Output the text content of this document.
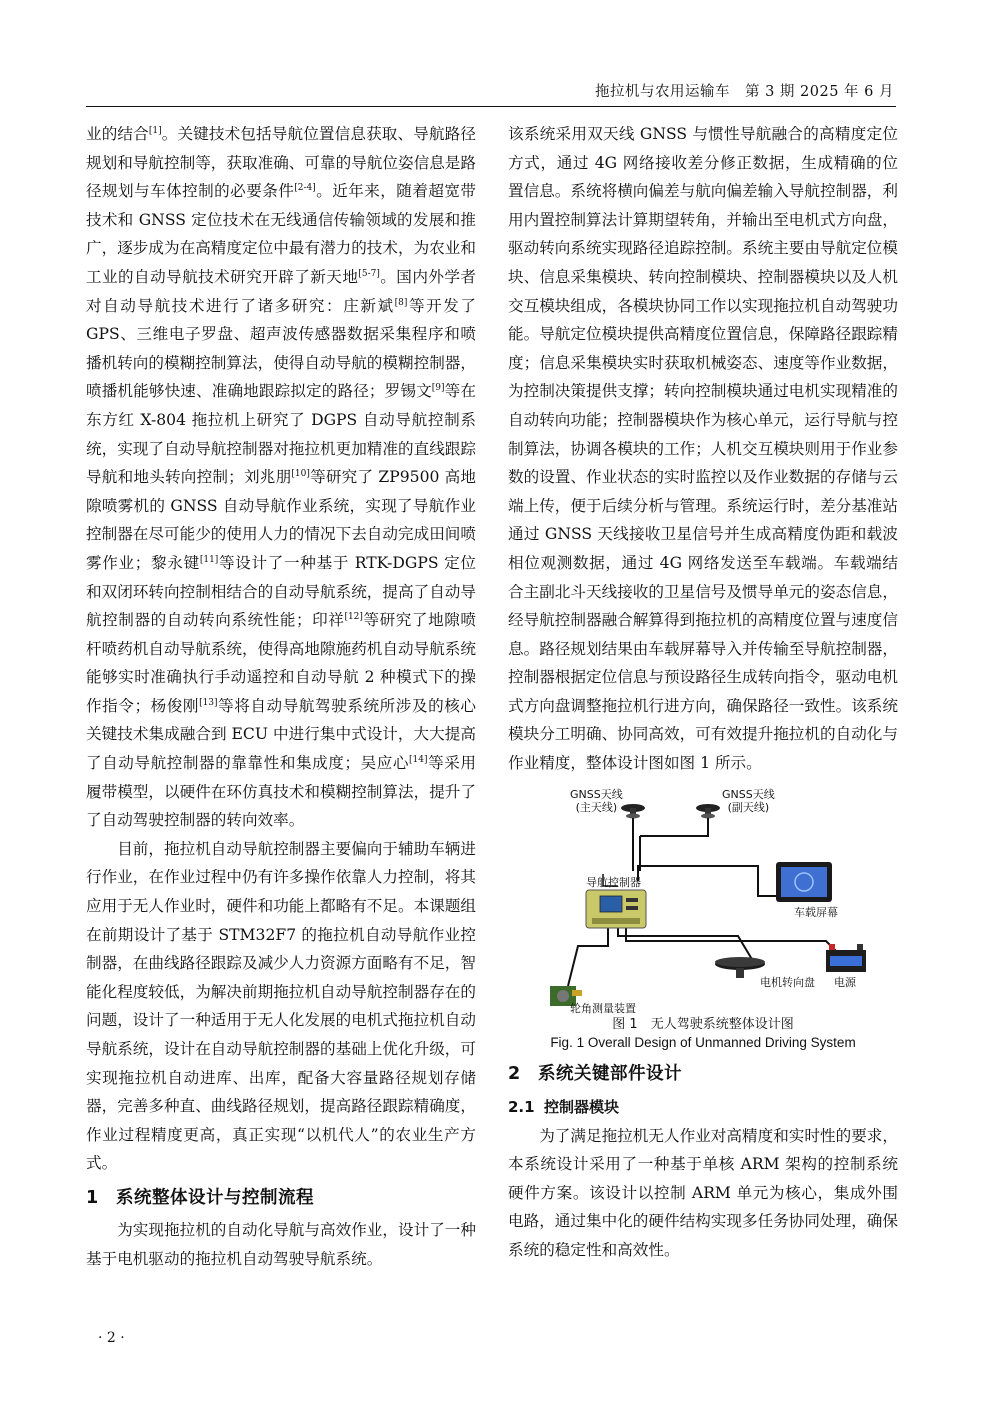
拖拉机与农用运输车　第 3 期 2025 年 6 月

业的结合[1]。关键技术包括导航位置信息获取、导航路径规划和导航控制等，获取准确、可靠的导航位姿信息是路径规划与车体控制的必要条件[2-4]。近年来，随着超宽带技术和 GNSS 定位技术在无线通信传输领域的发展和推广，逐步成为在高精度定位中最有潜力的技术，为农业和工业的自动导航技术研究开辟了新天地[5-7]。国内外学者对自动导航技术进行了诸多研究：庄新斌[8]等开发了 GPS、三维电子罗盘、超声波传感器数据采集程序和喷播机转向的模糊控制算法，使得自动导航的模糊控制器，喷播机能够快速、准确地跟踪拟定的路径；罗锡文[9]等在东方红 X-804 拖拉机上研究了 DGPS 自动导航控制系统，实现了自动导航控制器对拖拉机更加精准的直线跟踪导航和地头转向控制；刘兆朋[10]等研究了 ZP9500 高地隙喷雾机的 GNSS 自动导航作业系统，实现了导航作业控制器在尽可能少的使用人力的情况下去自动完成田间喷雾作业；黎永键[11]等设计了一种基于 RTK-DGPS 定位和双闭环转向控制相结合的自动导航系统，提高了自动导航控制器的自动转向系统性能；印祥[12]等研究了地隙喷杆喷药机自动导航系统，使得高地隙施药机自动导航系统能够实时准确执行手动遥控和自动导航 2 种模式下的操作指令；杨俊刚[13]等将自动导航驾驶系统所涉及的核心关键技术集成融合到 ECU 中进行集中式设计，大大提高了自动导航控制器的靠靠性和集成度；吴应心[14]等采用履带模型，以硬件在环仿真技术和模糊控制算法，提升了了自动驾驶控制器的转向效率。

目前，拖拉机自动导航控制器主要偏向于辅助车辆进行作业，在作业过程中仍有许多操作依靠人力控制，将其应用于无人作业时，硬件和功能上都略有不足。本课题组在前期设计了基于 STM32F7 的拖拉机自动导航作业控制器，在曲线路径跟踪及减少人力资源方面略有不足，智能化程度较低，为解决前期拖拉机自动导航控制器存在的问题，设计了一种适用于无人化发展的电机式拖拉机自动导航系统，设计在自动导航控制器的基础上优化升级，可实现拖拉机自动进库、出库，配备大容量路径规划存储器，完善多种直、曲线路径规划，提高路径跟踪精确度，作业过程精度更高，真正实现“以机代人”的农业生产方式。

1 系统整体设计与控制流程

为实现拖拉机的自动化导航与高效作业，设计了一种基于电机驱动的拖拉机自动驾驶导航系统。

该系统采用双天线 GNSS 与惯性导航融合的高精度定位方式，通过 4G 网络接收差分修正数据，生成精确的位置信息。系统将横向偏差与航向偏差输入导航控制器，利用内置控制算法计算期望转角，并输出至电机式方向盘，驱动转向系统实现路径追踪控制。系统主要由导航定位模块、信息采集模块、转向控制模块、控制器模块以及人机交互模块组成，各模块协同工作以实现拖拉机自动驾驶功能。导航定位模块提供高精度位置信息，保障路径跟踪精度；信息采集模块实时获取机械姿态、速度等作业数据，为控制决策提供支撑；转向控制模块通过电机实现精准的自动转向功能；控制器模块作为核心单元，运行导航与控制算法，协调各模块的工作；人机交互模块则用于作业参数的设置、作业状态的实时监控以及作业数据的存储与云端上传，便于后续分析与管理。系统运行时，差分基准站通过 GNSS 天线接收卫星信号并生成高精度伪距和载波相位观测数据，通过 4G 网络发送至车载端。车载端结合主副北斗天线接收的卫星信号及惯导单元的姿态信息，经导航控制器融合解算得到拖拉机的高精度位置与速度信息。路径规划结果由车载屏幕导入并传输至导航控制器，控制器根据定位信息与预设路径生成转向指令，驱动电机式方向盘调整拖拉机行进方向，确保路径一致性。该系统模块分工明确、协同高效，可有效提升拖拉机的自动化与作业精度，整体设计图如图 1 所示。

GNSS天线
(主天线)
GNSS天线
(副天线)
导航控制器
车载屏幕
电机转向盘 电源
轮角测量装置
图 1　无人驾驶系统整体设计图
Fig. 1 Overall Design of Unmanned Driving System
2 系统关键部件设计
2.1 控制器模块

为了满足拖拉机无人作业对高精度和实时性的要求，本系统设计采用了一种基于单核 ARM 架构的控制系统硬件方案。该设计以控制 ARM 单元为核心，集成外围电路，通过集中化的硬件结构实现多任务协同处理，确保系统的稳定性和高效性。

· 2 ·
